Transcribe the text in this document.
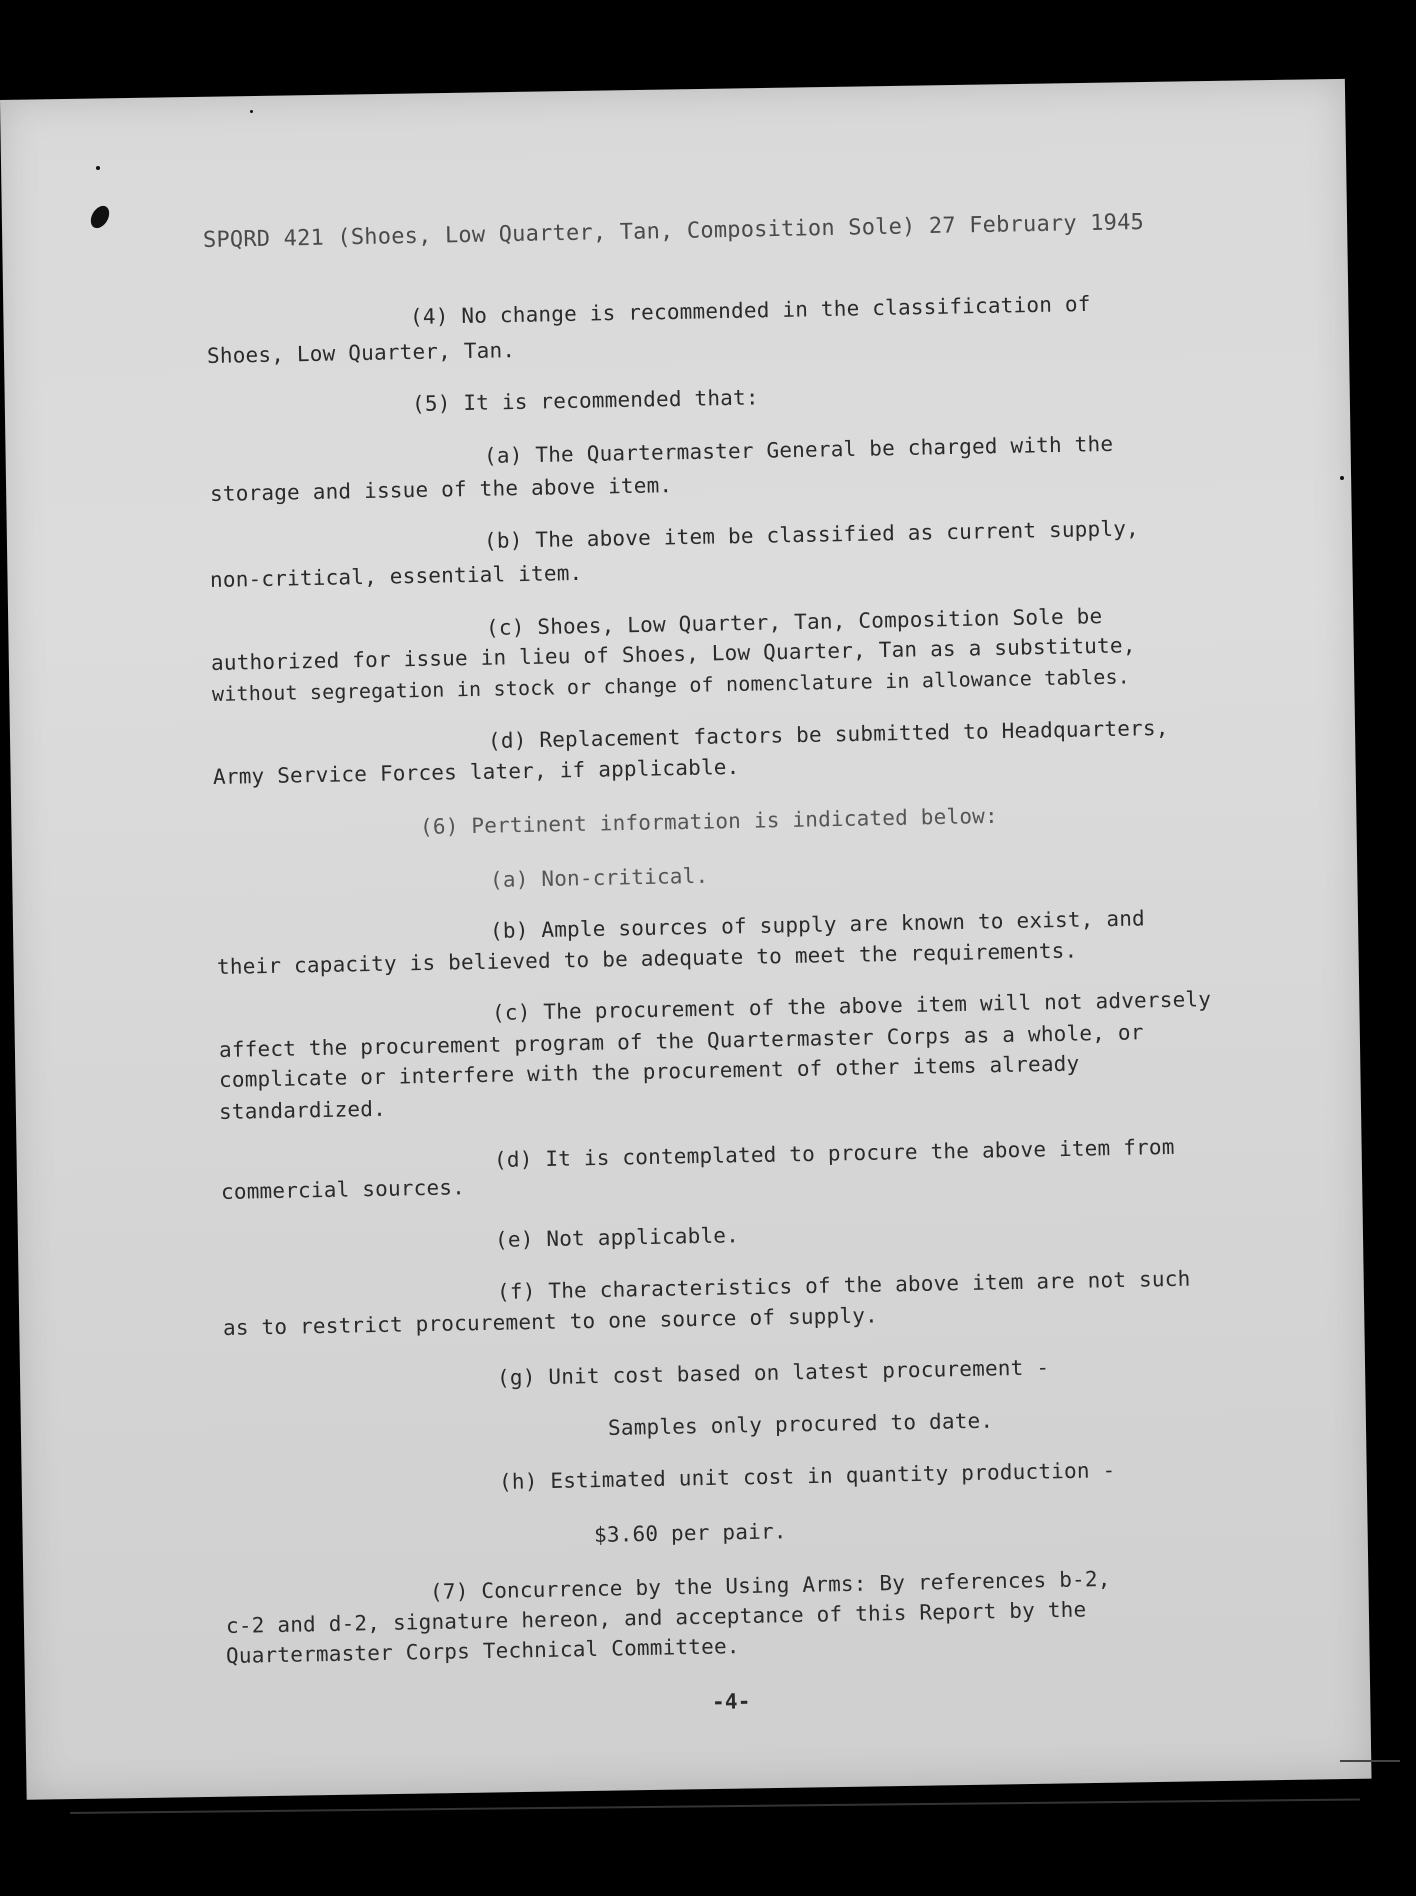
SPQRD 421 (Shoes, Low Quarter, Tan, Composition Sole) 27 February 1945
(4) No change is recommended in the classification of
Shoes, Low Quarter, Tan.
(5) It is recommended that:
(a) The Quartermaster General be charged with the
storage and issue of the above item.
(b) The above item be classified as current supply,
non-critical, essential item.
(c) Shoes, Low Quarter, Tan, Composition Sole be
authorized for issue in lieu of Shoes, Low Quarter, Tan as a substitute,
without segregation in stock or change of nomenclature in allowance tables.
(d) Replacement factors be submitted to Headquarters,
Army Service Forces later, if applicable.
(6) Pertinent information is indicated below:
(a) Non-critical.
(b) Ample sources of supply are known to exist, and
their capacity is believed to be adequate to meet the requirements.
(c) The procurement of the above item will not adversely
affect the procurement program of the Quartermaster Corps as a whole, or
complicate or interfere with the procurement of other items already
standardized.
(d) It is contemplated to procure the above item from
commercial sources.
(e) Not applicable.
(f) The characteristics of the above item are not such
as to restrict procurement to one source of supply.
(g) Unit cost based on latest procurement -
Samples only procured to date.
(h) Estimated unit cost in quantity production -
$3.60 per pair.
(7) Concurrence by the Using Arms: By references b-2,
c-2 and d-2, signature hereon, and acceptance of this Report by the
Quartermaster Corps Technical Committee.
-4-
